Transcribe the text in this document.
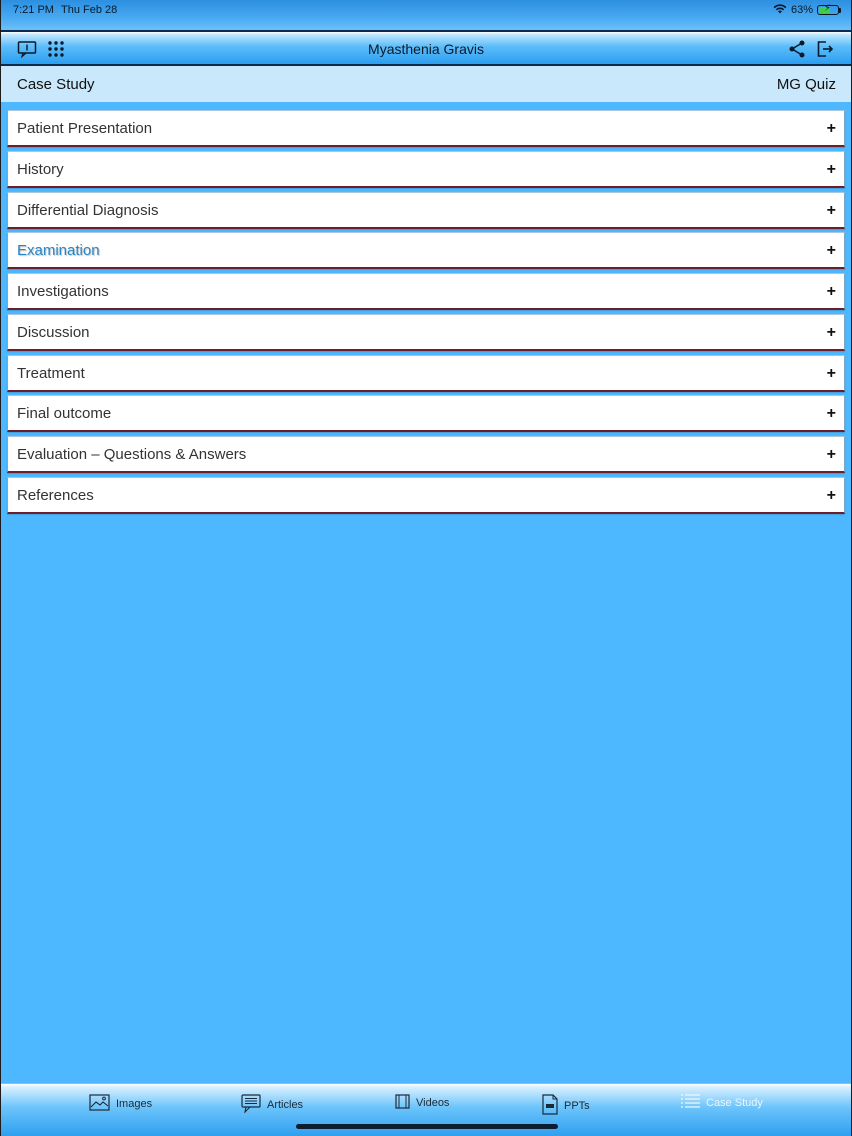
7:21 PM Thu Feb 28	63% ⚡
Myasthenia Gravis
Case Study	MG Quiz
Patient Presentation	+
History	+
Differential Diagnosis	+
Examination	+
Investigations	+
Discussion	+
Treatment	+
Final outcome	+
Evaluation – Questions & Answers	+
References	+
Images	Articles	Videos	PPTs	Case Study
